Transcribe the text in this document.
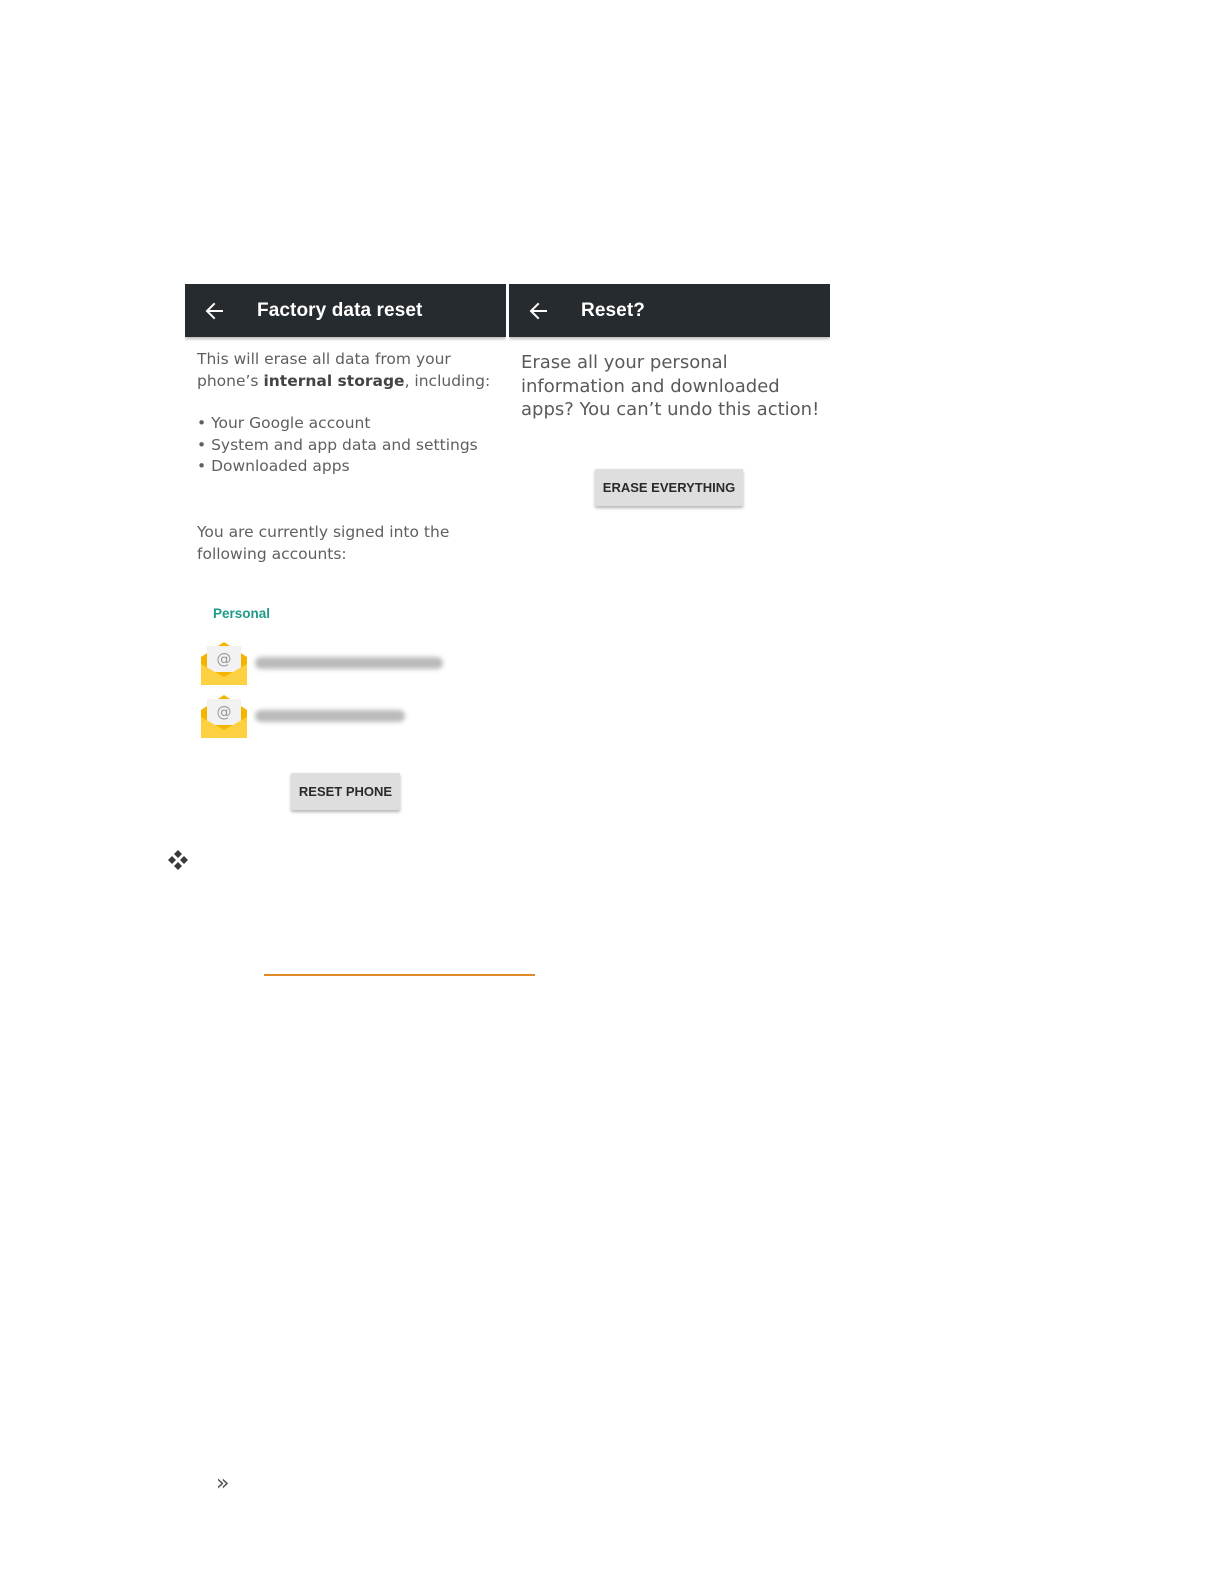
Factory data reset

This will erase all data from your phone’s internal storage, including:

• Your Google account
• System and app data and settings
• Downloaded apps

You are currently signed into the following accounts:

Personal
@
@
RESET PHONE
Reset?

Erase all your personal information and downloaded apps? You can’t undo this action!

ERASE EVERYTHING
»
